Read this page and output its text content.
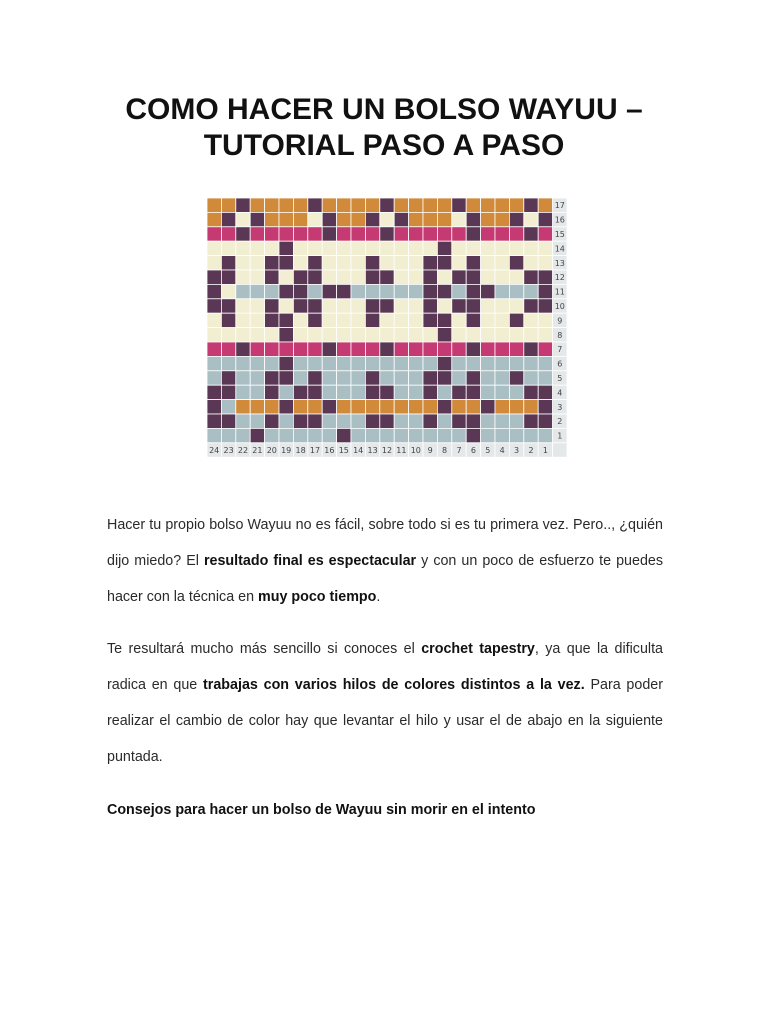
COMO HACER UN BOLSO WAYUU –
TUTORIAL PASO A PASO
17
16
15
14
13
12
11
10
9
8
7
6
5
4
3
2
1
24 23 22 21 20 19 18 17 16 15 14 13 12 11 10 9 8 7 6 5 4 3 2 1

Hacer tu propio bolso Wayuu no es fácil, sobre todo si es tu primera vez. Pero.., ¿quién dijo miedo? El resultado final es espectacular y con un poco de esfuerzo te puedes hacer con la técnica en muy poco tiempo.

Te resultará mucho más sencillo si conoces el crochet tapestry, ya que la dificulta radica en que trabajas con varios hilos de colores distintos a la vez. Para poder realizar el cambio de color hay que levantar el hilo y usar el de abajo en la siguiente puntada.

Consejos para hacer un bolso de Wayuu sin morir en el intento
